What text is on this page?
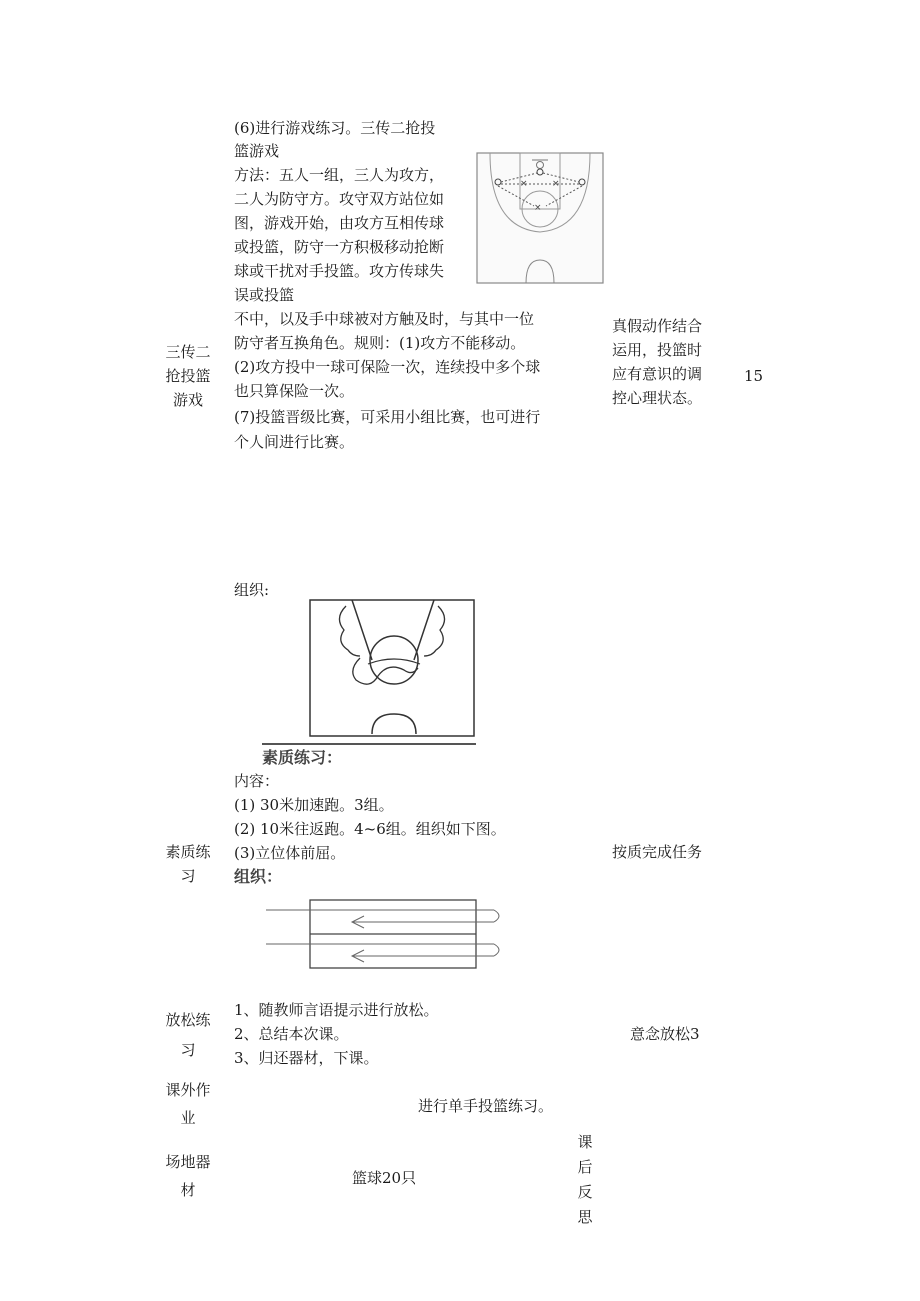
三传二
抢投篮
游戏
(6)进行游戏练习。三传二抢投
篮游戏
方法：五人一组，三人为攻方，
二人为防守方。攻守双方站位如
图，游戏开始，由攻方互相传球
或投篮，防守一方积极移动抢断
球或干扰对手投篮。攻方传球失
误或投篮
不中，以及手中球被对方触及时，与其中一位
防守者互换角色。规则：(1)攻方不能移动。
(2)攻方投中一球可保险一次，连续投中多个球
也只算保险一次。
(7)投篮晋级比赛，可采用小组比赛，也可进行
个人间进行比赛。
×	×
×
真假动作结合
运用，投篮时
应有意识的调
控心理状态。
15
组织:
素质练习：
内容：
(1) 30米加速跑。3组。
(2) 10米往返跑。4~6组。组织如下图。
(3)立位体前屈。
素质练
习
按质完成任务
组织：
放松练
习
1、随教师言语提示进行放松。
2、总结本次课。
3、归还器材，下课。
意念放松3
课外作
业
进行单手投篮练习。
场地器
材
篮球20只
课
后
反
思
